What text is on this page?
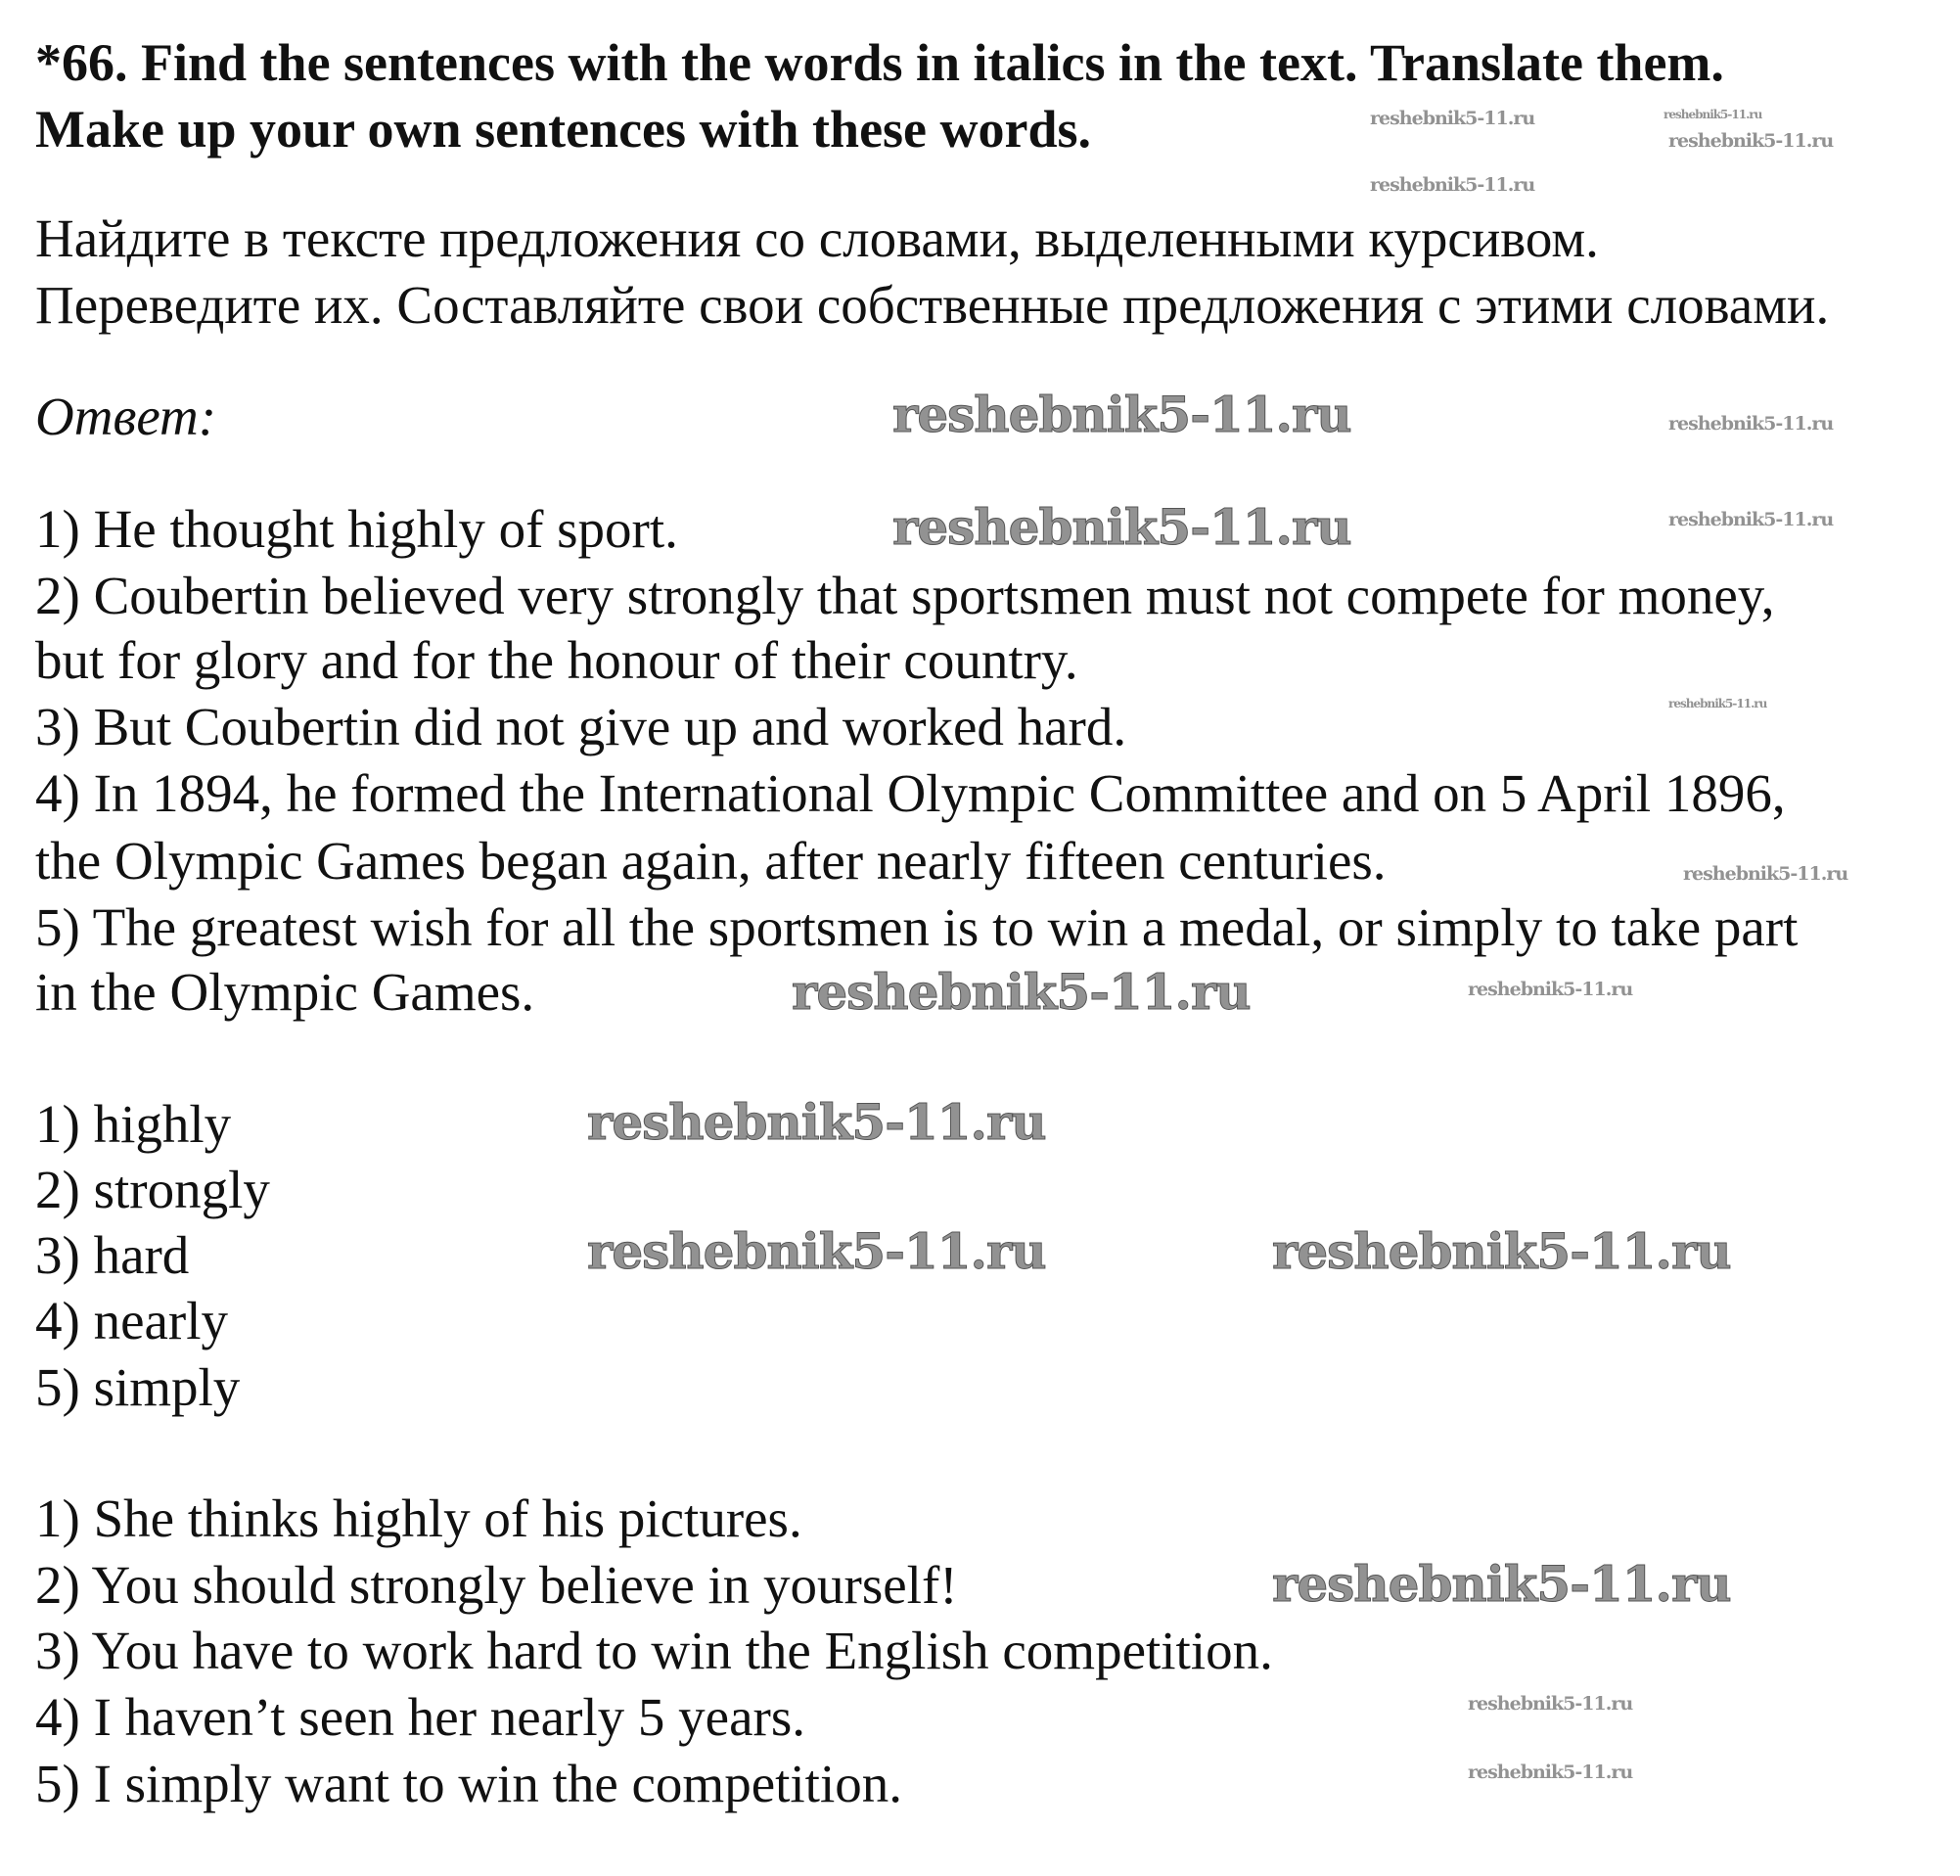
*66. Find the sentences with the words in italics in the text. Translate them.
Make up your own sentences with these words.
Найдите в тексте предложения со словами, выделенными курсивом.
Переведите их. Составляйте свои собственные предложения с этими словами.
Ответ:
1) He thought highly of sport.
2) Coubertin believed very strongly that sportsmen must not compete for money,
but for glory and for the honour of their country.
3) But Coubertin did not give up and worked hard.
4) In 1894, he formed the International Olympic Committee and on 5 April 1896,
the Olympic Games began again, after nearly fifteen centuries.
5) The greatest wish for all the sportsmen is to win a medal, or simply to take part
in the Olympic Games.
1) highly
2) strongly
3) hard
4) nearly
5) simply
1) She thinks highly of his pictures.
2) You should strongly believe in yourself!
3) You have to work hard to win the English competition.
4) I haven’t seen her nearly 5 years.
5) I simply want to win the competition.
reshebnik5-11.ru
reshebnik5-11.ru
reshebnik5-11.ru
reshebnik5-11.ru
reshebnik5-11.ru	reshebnik5-11.ru
reshebnik5-11.ru
reshebnik5-11.ru	reshebnik5-11.ru
reshebnik5-11.ru
reshebnik5-11.ru
reshebnik5-11.ru
reshebnik5-11.ru
reshebnik5-11.ru
reshebnik5-11.ru
reshebnik5-11.ru
reshebnik5-11.ru
reshebnik5-11.ru
